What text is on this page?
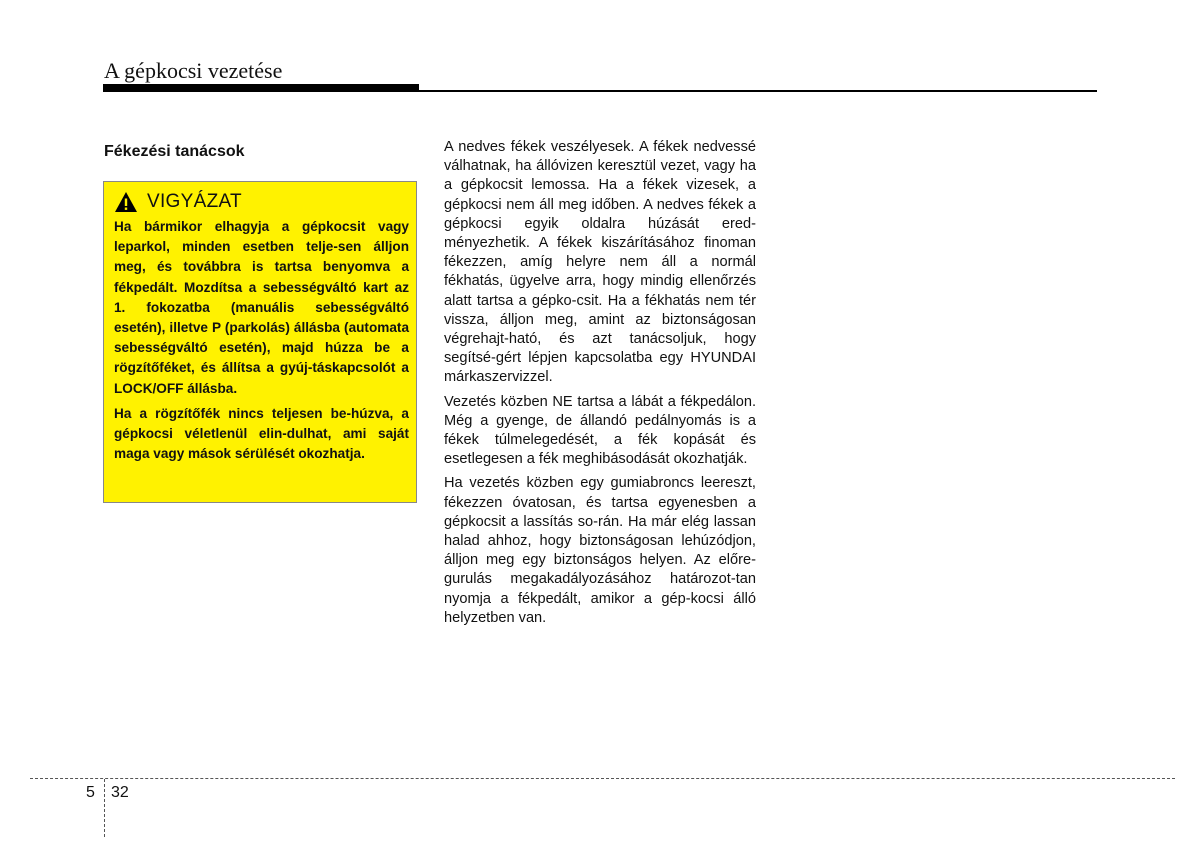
A gépkocsi vezetése
Fékezési tanácsok
VIGYÁZAT

Ha bármikor elhagyja a gépkocsit vagy leparkol, minden esetben telje-sen álljon meg, és továbbra is tartsa benyomva a fékpedált. Mozdítsa a sebességváltó kart az 1. fokozatba (manuális sebességváltó esetén), illetve P (parkolás) állásba (automata sebességváltó esetén), majd húzza be a rögzítőféket, és állítsa a gyúj-táskapcsolót a LOCK/OFF állásba.

Ha a rögzítőfék nincs teljesen be-húzva, a gépkocsi véletlenül elin-dulhat, ami saját maga vagy mások sérülését okozhatja.

A nedves fékek veszélyesek. A fékek nedvessé válhatnak, ha állóvizen keresztül vezet, vagy ha a gépkocsit lemossa. Ha a fékek vizesek, a gépkocsi nem áll meg időben. A nedves fékek a gépkocsi egyik oldalra húzását ered-ményezhetik. A fékek kiszárításához finoman fékezzen, amíg helyre nem áll a normál fékhatás, ügyelve arra, hogy mindig ellenőrzés alatt tartsa a gépko-csit. Ha a fékhatás nem tér vissza, álljon meg, amint az biztonságosan végrehajt-ható, és azt tanácsoljuk, hogy segítsé-gért lépjen kapcsolatba egy HYUNDAI márkaszervizzel.

Vezetés közben NE tartsa a lábát a fékpedálon. Még a gyenge, de állandó pedálnyomás is a fékek túlmelegedését, a fék kopását és esetlegesen a fék meghibásodását okozhatják.

Ha vezetés közben egy gumiabroncs leereszt, fékezzen óvatosan, és tartsa egyenesben a gépkocsit a lassítás so-rán. Ha már elég lassan halad ahhoz, hogy biztonságosan lehúzódjon, álljon meg egy biztonságos helyen. Az előre-gurulás megakadályozásához határozot-tan nyomja a fékpedált, amikor a gép-kocsi álló helyzetben van.

5 32
